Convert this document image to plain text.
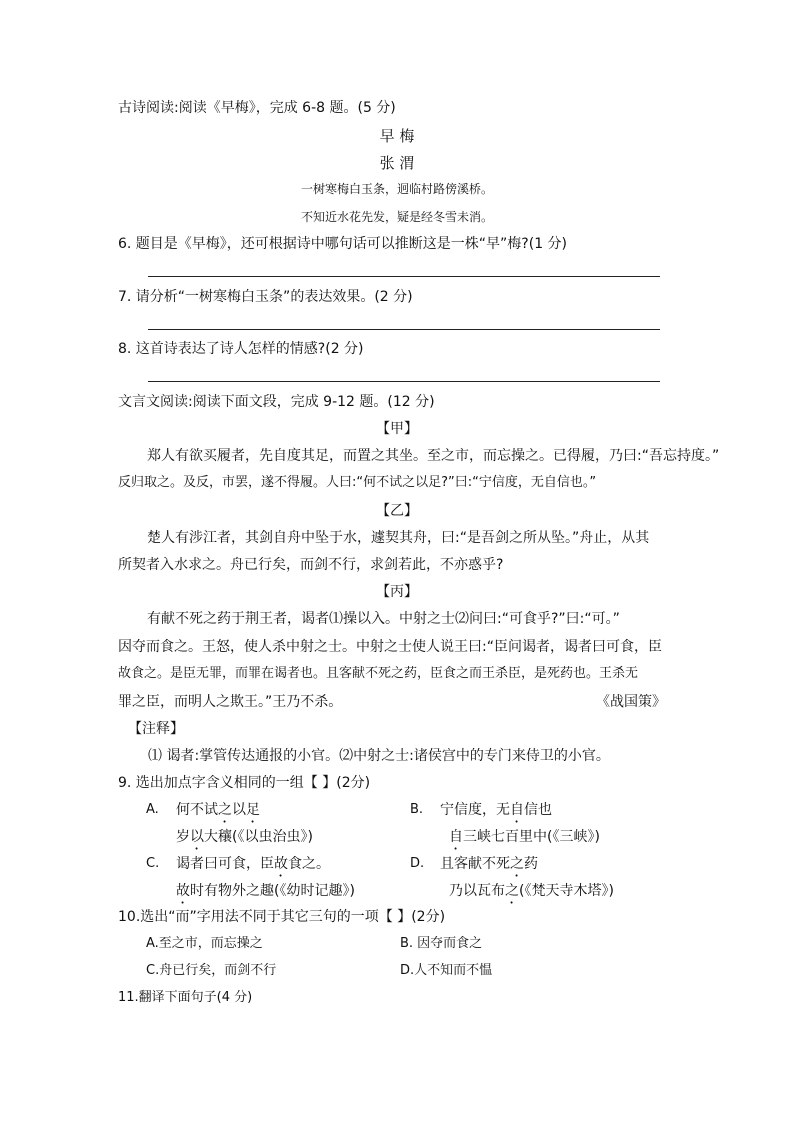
古诗阅读:阅读《早梅》，完成 6-8 题。(5 分)
早 梅
张 渭
一树寒梅白玉条，迥临村路傍溪桥。
不知近水花先发，疑是经冬雪未消。
6. 题目是《早梅》，还可根据诗中哪句话可以推断这是一株“早”梅?(1 分)
7. 请分析“一树寒梅白玉条”的表达效果。(2 分)
8. 这首诗表达了诗人怎样的情感?(2 分)
文言文阅读:阅读下面文段，完成 9-12 题。(12 分)
【甲】
郑人有欲买履者，先自度其足，而置之其坐。至之市，而忘操之。已得履，乃曰:“吾忘持度。”
反归取之。及反，市罢，遂不得履。人曰:“何不试之以足?”曰:“宁信度，无自信也。”
【乙】
楚人有涉江者，其剑自舟中坠于水，遽契其舟，曰:“是吾剑之所从坠。”舟止，从其
所契者入水求之。舟已行矣，而剑不行，求剑若此，不亦惑乎?
【丙】
有献不死之药于荆王者，谒者⑴操以入。中射之士⑵问曰:“可食乎?”曰:“可。”
因夺而食之。王怒，使人杀中射之士。中射之士使人说王曰:“臣问谒者，谒者曰可食，臣
故食之。是臣无罪，而罪在谒者也。且客献不死之药，臣食之而王杀臣，是死药也。王杀无
罪之臣，而明人之欺王。”王乃不杀。	《战国策》
【注释】
⑴ 谒者:掌管传达通报的小官。⑵中射之士:诸侯宫中的专门来侍卫的小官。
9. 选出加点字含义相同的一组【 】(2分)
A. 何不试之以足
岁以大穰(《以虫治虫》)
B. 宁信度，无自信也
自三峡七百里中(《三峡》)
C. 谒者曰可食，臣故食之。
故时有物外之趣(《幼时记趣》)
D. 且客献不死之药
乃以瓦布之(《梵天寺木塔》)
10.选出“而”字用法不同于其它三句的一项【 】(2分)
A.至之市，而忘操之	B. 因夺而食之
C.舟已行矣，而剑不行	D.人不知而不愠
11.翻译下面句子(4 分)
